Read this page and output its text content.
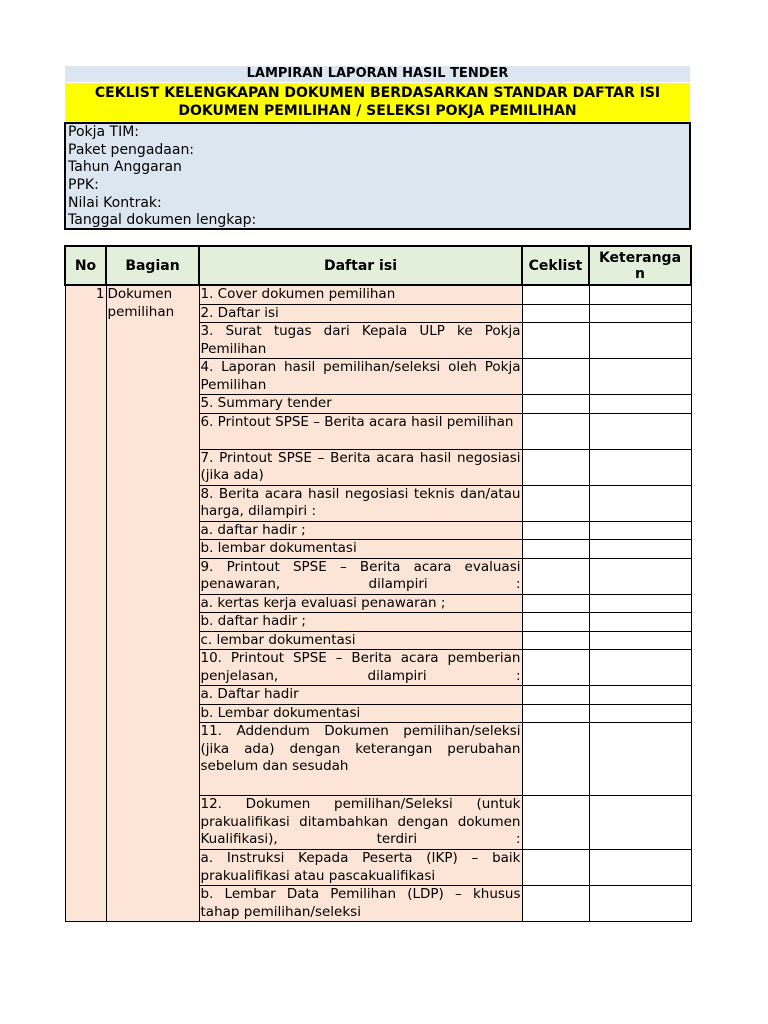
LAMPIRAN LAPORAN HASIL TENDER
CEKLIST KELENGKAPAN DOKUMEN BERDASARKAN STANDAR DAFTAR ISI
DOKUMEN PEMILIHAN / SELEKSI POKJA PEMILIHAN
Pokja TIM:
Paket pengadaan:
Tahun Anggaran
PPK:
Nilai Kontrak:
Tanggal dokumen lengkap:
No	Bagian	Daftar isi	Ceklist	Keteranga
n

1	Dokumen pemilihan	1. Cover dokumen pemilihan		
		2. Daftar isi		
		3. Surat tugas dari Kepala ULP ke Pokja Pemilihan		
		4. Laporan hasil pemilihan/seleksi oleh Pokja Pemilihan		
		5. Summary tender		
		6. Printout SPSE – Berita acara hasil pemilihan		
		7. Printout SPSE – Berita acara hasil negosiasi (jika ada)		
		8. Berita acara hasil negosiasi teknis dan/atau harga, dilampiri :		
		a. daftar hadir ;		
		b. lembar dokumentasi		
		9. Printout SPSE – Berita acara evaluasi penawaran, dilampiri :		
		a. kertas kerja evaluasi penawaran ;		
		b. daftar hadir ;		
		c. lembar dokumentasi		
		10. Printout SPSE – Berita acara pemberian penjelasan, dilampiri :		
		a. Daftar hadir		
		b. Lembar dokumentasi		
		11. Addendum Dokumen pemilihan/seleksi (jika ada) dengan keterangan perubahan sebelum dan sesudah		
		12. Dokumen pemilihan/Seleksi (untuk prakualifikasi ditambahkan dengan dokumen Kualifikasi), terdiri :		
		a. Instruksi Kepada Peserta (IKP) – baik prakualifikasi atau pascakualifikasi		
		b. Lembar Data Pemilihan (LDP) – khusus tahap pemilihan/seleksi		
